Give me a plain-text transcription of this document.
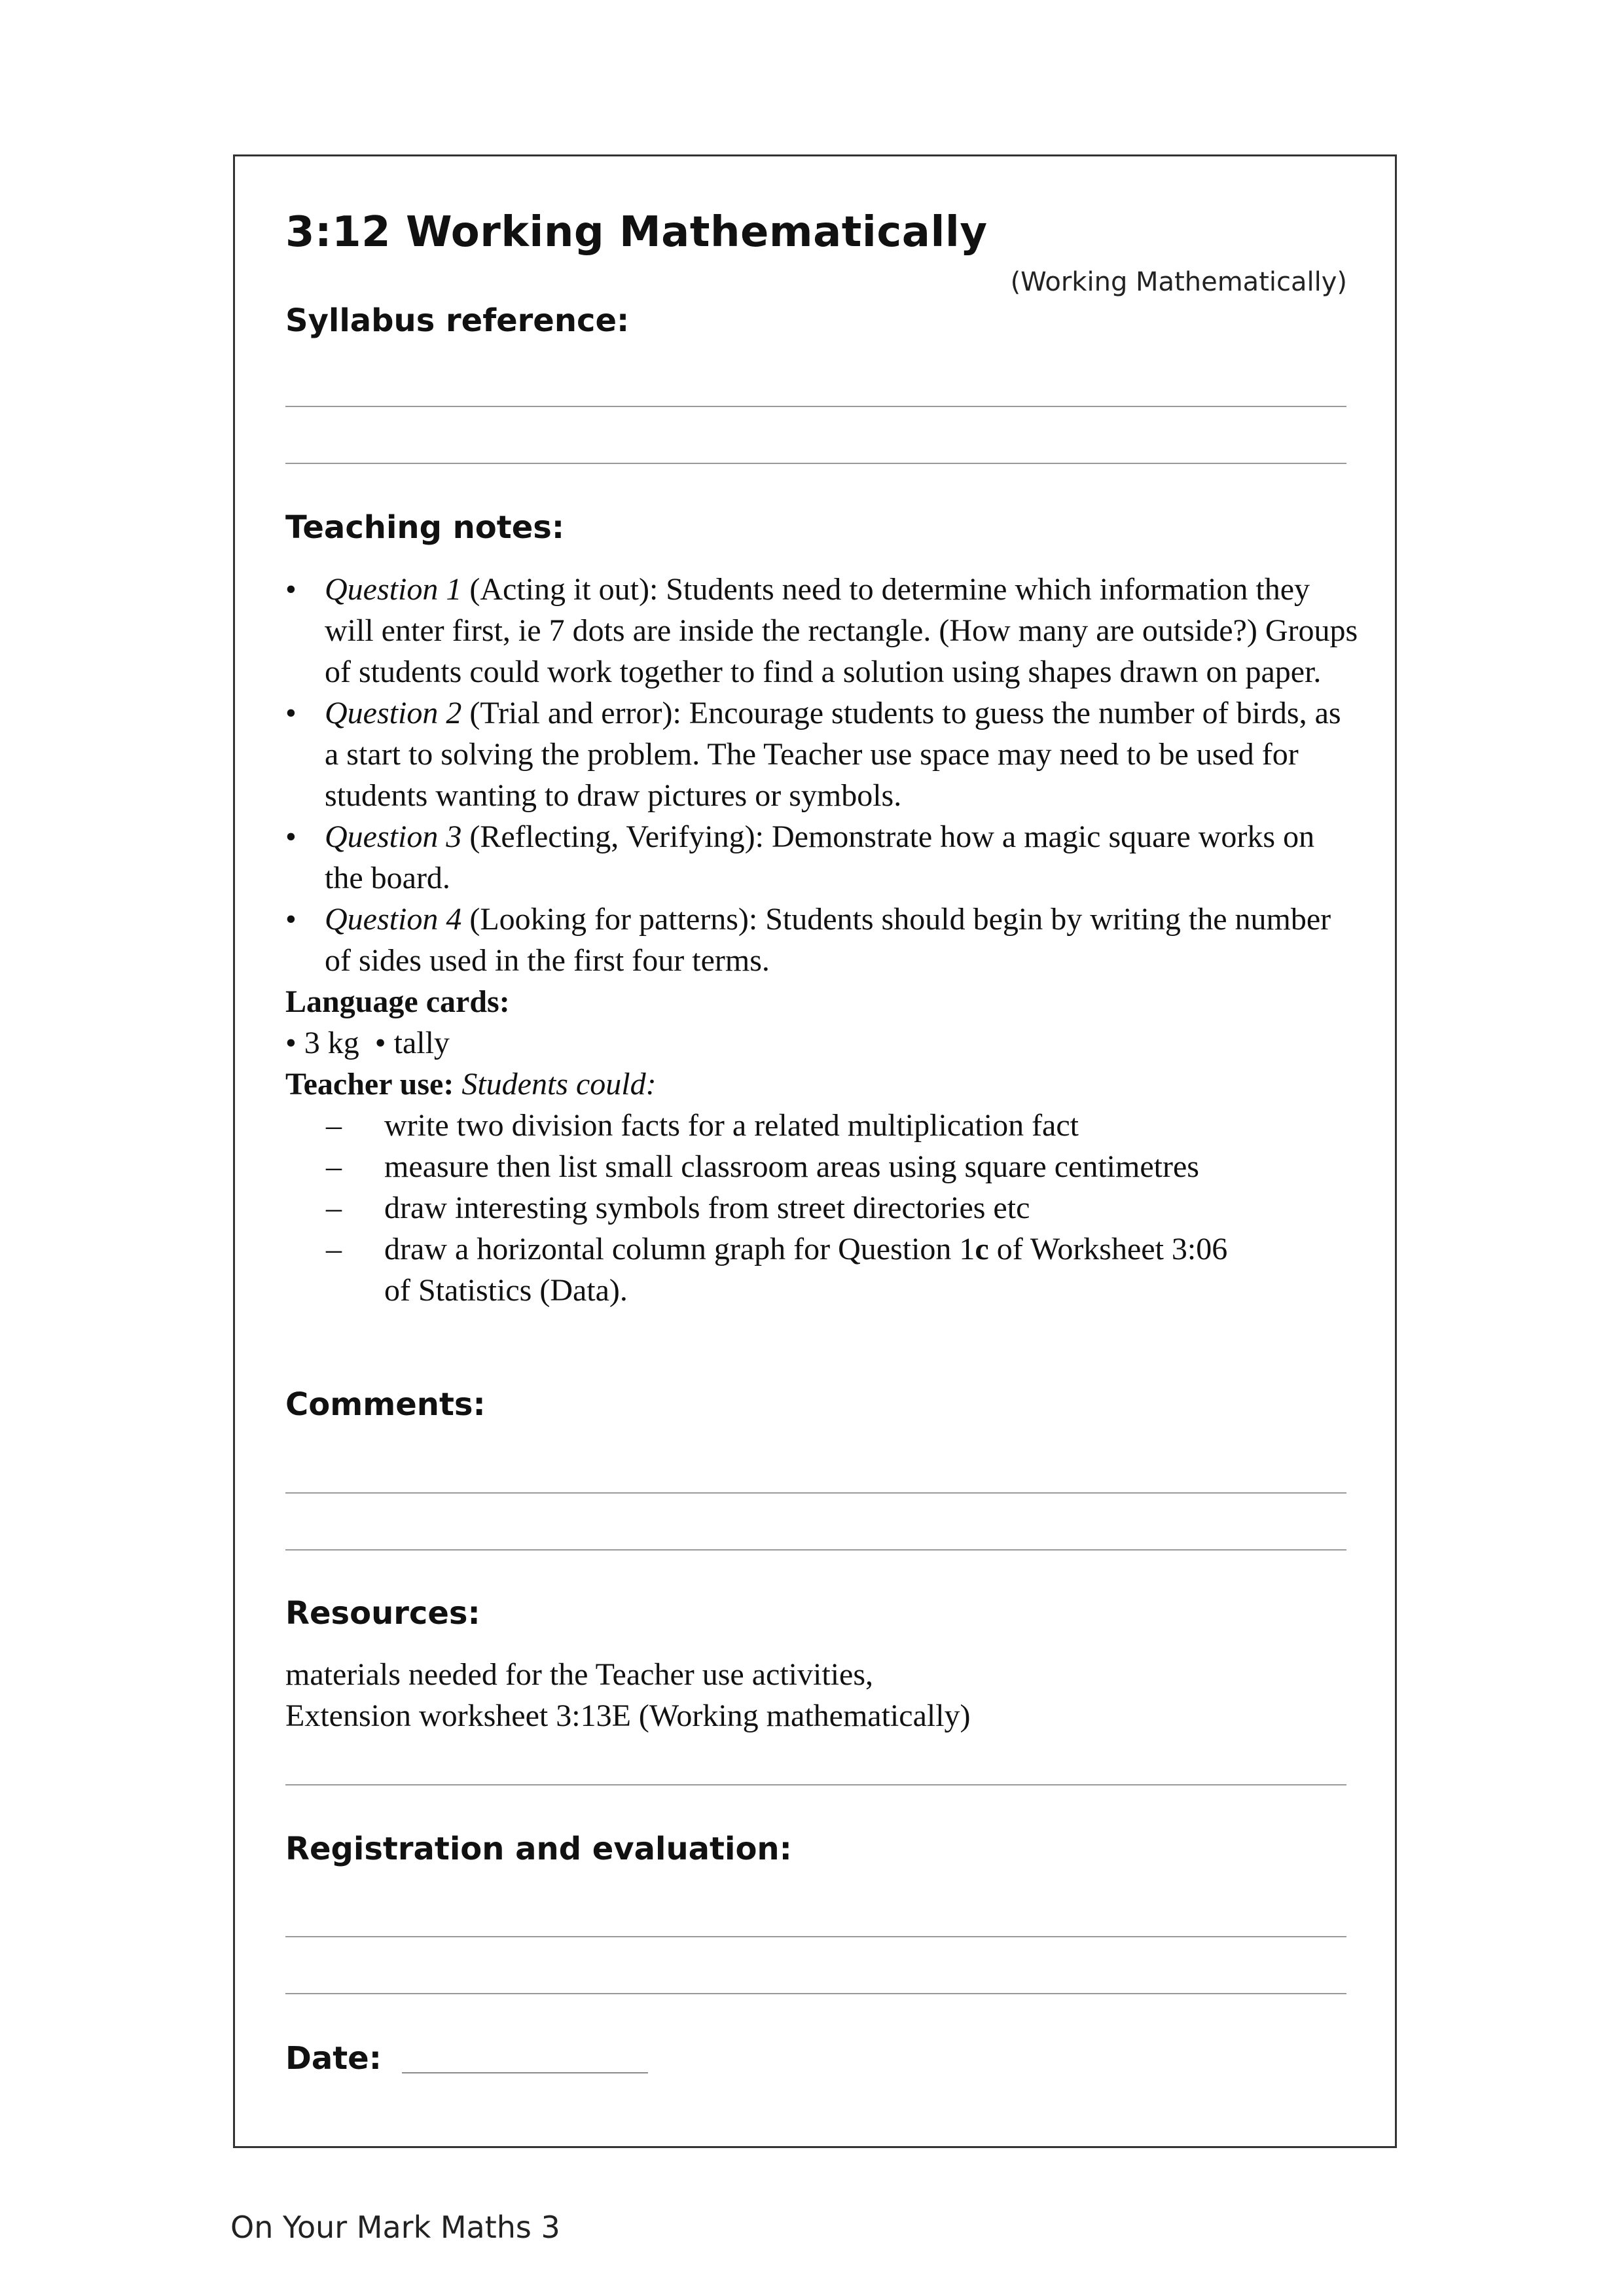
3:12 Working Mathematically
(Working Mathematically)
Syllabus reference:
Teaching notes:
• Question 1 (Acting it out): Students need to determine which information they will enter first, ie 7 dots are inside the rectangle. (How many are outside?) Groups of students could work together to find a solution using shapes drawn on paper.
• Question 2 (Trial and error): Encourage students to guess the number of birds, as a start to solving the problem. The Teacher use space may need to be used for students wanting to draw pictures or symbols.
• Question 3 (Reflecting, Verifying): Demonstrate how a magic square works on the board.
• Question 4 (Looking for patterns): Students should begin by writing the number of sides used in the first four terms.
Language cards:
• 3 kg  • tally
Teacher use: Students could:
– write two division facts for a related multiplication fact
– measure then list small classroom areas using square centimetres
– draw interesting symbols from street directories etc
– draw a horizontal column graph for Question 1c of Worksheet 3:06 of Statistics (Data).
Comments:
Resources:
materials needed for the Teacher use activities,
Extension worksheet 3:13E (Working mathematically)
Registration and evaluation:
Date:
On Your Mark Maths 3
